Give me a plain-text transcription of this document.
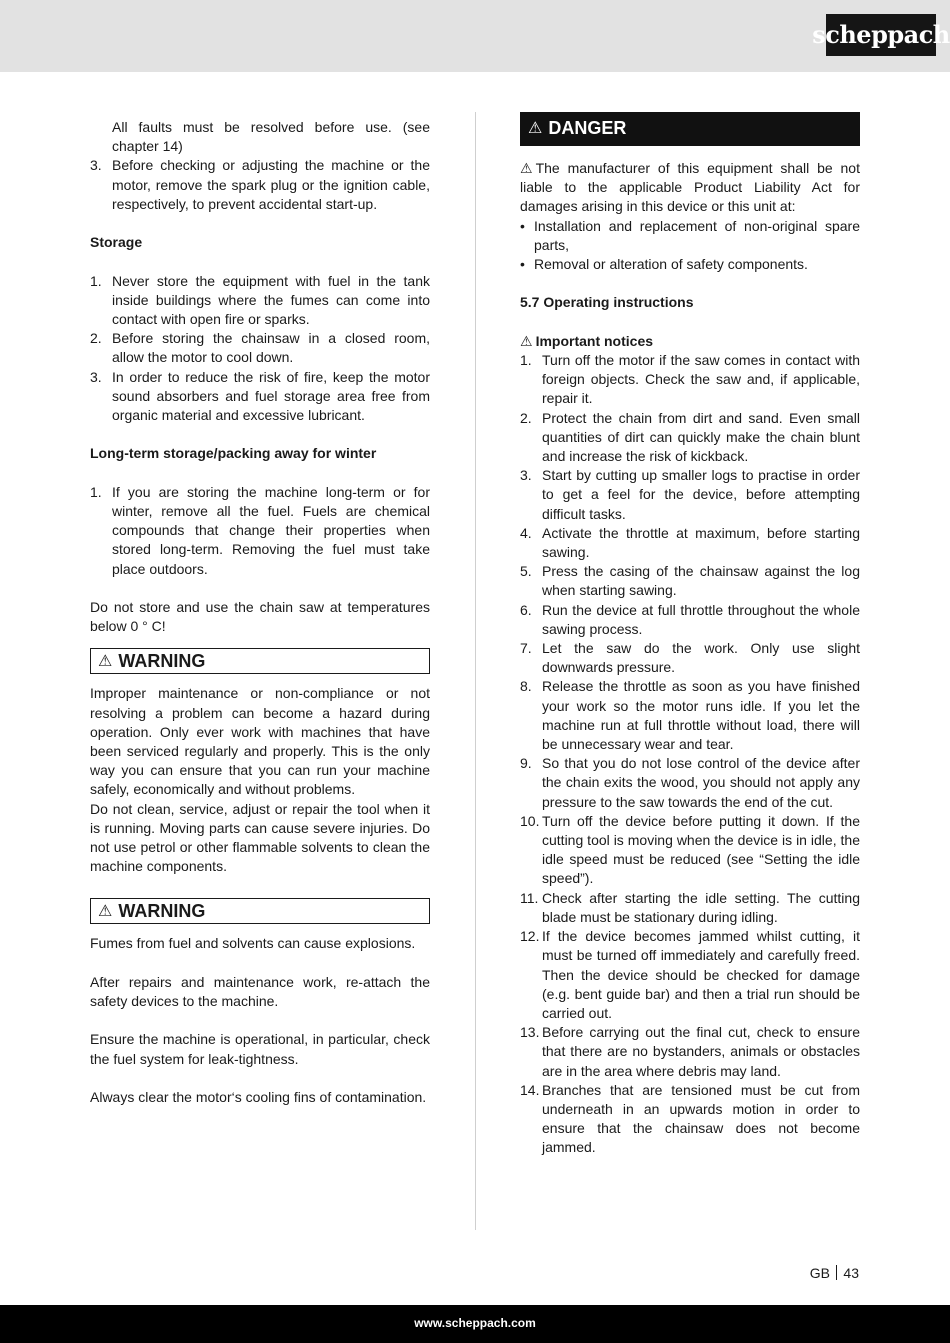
scheppach

All faults must be resolved before use. (see chapter 14)

3. Before checking or adjusting the machine or the motor, remove the spark plug or the ignition cable, respectively, to prevent accidental start-up.

Storage

1. Never store the equipment with fuel in the tank inside buildings where the fumes can come into contact with open fire or sparks.
2. Before storing the chainsaw in a closed room, allow the motor to cool down.
3. In order to reduce the risk of fire, keep the motor sound absorbers and fuel storage area free from organic material and excessive lubricant.

Long-term storage/packing away for winter

1. If you are storing the machine long-term or for winter, remove all the fuel. Fuels are chemical compounds that change their properties when stored long-term. Removing the fuel must take place outdoors.

Do not store and use the chain saw at temperatures below 0 ° C!

⚠ WARNING

Improper maintenance or non-compliance or not resolving a problem can become a hazard during operation. Only ever work with machines that have been serviced regularly and properly. This is the only way you can ensure that you can run your machine safely, economically and without problems.

Do not clean, service, adjust or repair the tool when it is running. Moving parts can cause severe injuries. Do not use petrol or other flammable solvents to clean the machine components.

⚠ WARNING

Fumes from fuel and solvents can cause explosions.

After repairs and maintenance work, re-attach the safety devices to the machine.

Ensure the machine is operational, in particular, check the fuel system for leak-tightness.

Always clear the motor‘s cooling fins of contamination.

⚠ DANGER

⚠ The manufacturer of this equipment shall be not liable to the applicable Product Liability Act for damages arising in this device or this unit at:

• Installation and replacement of non-original spare parts,
• Removal or alteration of safety components.

5.7 Operating instructions

⚠ Important notices

1. Turn off the motor if the saw comes in contact with foreign objects. Check the saw and, if applicable, repair it.
2. Protect the chain from dirt and sand. Even small quantities of dirt can quickly make the chain blunt and increase the risk of kickback.
3. Start by cutting up smaller logs to practise in order to get a feel for the device, before attempting difficult tasks.
4. Activate the throttle at maximum, before starting sawing.
5. Press the casing of the chainsaw against the log when starting sawing.
6. Run the device at full throttle throughout the whole sawing process.
7. Let the saw do the work. Only use slight downwards pressure.
8. Release the throttle as soon as you have finished your work so the motor runs idle. If you let the machine run at full throttle without load, there will be unnecessary wear and tear.
9. So that you do not lose control of the device after the chain exits the wood, you should not apply any pressure to the saw towards the end of the cut.
10. Turn off the device before putting it down. If the cutting tool is moving when the device is in idle, the idle speed must be reduced (see “Setting the idle speed”).
11. Check after starting the idle setting. The cutting blade must be stationary during idling.
12. If the device becomes jammed whilst cutting, it must be turned off immediately and carefully freed. Then the device should be checked for damage (e.g. bent guide bar) and then a trial run should be carried out.
13. Before carrying out the final cut, check to ensure that there are no bystanders, animals or obstacles are in the area where debris may land.
14. Branches that are tensioned must be cut from underneath in an upwards motion in order to ensure that the chainsaw does not become jammed.
GB 43
www.scheppach.com
